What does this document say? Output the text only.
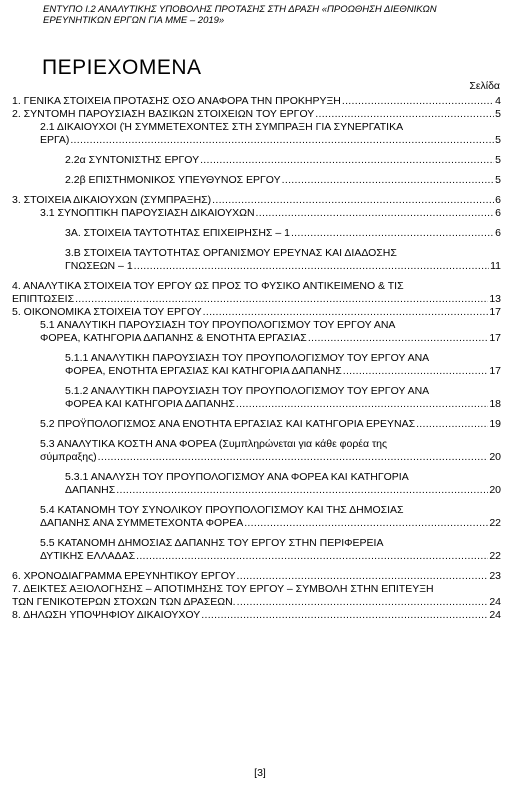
ΕΝΤΥΠΟ Ι.2 ΑΝΑΛΥΤΙΚΗΣ ΥΠΟΒΟΛΗΣ ΠΡΟΤΑΣΗΣ ΣΤΗ ΔΡΑΣΗ «ΠΡΟΩΘΗΣΗ ΔΙΕΘΝΙΚΩΝ
ΕΡΕΥΝΗΤΙΚΩΝ ΕΡΓΩΝ ΓΙΑ ΜΜΕ – 2019»
ΠΕΡΙΕΧΟΜΕΝΑ
Σελίδα
1. ΓΕΝΙΚΑ ΣΤΟΙΧΕΙΑ ΠΡΟΤΑΣΗΣ ΟΣΟ ΑΝΑΦΟΡΑ ΤΗΝ ΠΡΟΚΗΡΥΞΗ .....	4
2. ΣΥΝΤΟΜΗ ΠΑΡΟΥΣΙΑΣΗ ΒΑΣΙΚΩΝ ΣΤΟΙΧΕΙΩΝ ΤΟΥ ΕΡΓΟΥ .....	5
2.1 ΔΙΚΑΙΟΥΧΟΙ (Ή ΣΥΜΜΕΤΕΧΟΝΤΕΣ ΣΤΗ ΣΥΜΠΡΑΞΗ ΓΙΑ ΣΥΝΕΡΓΑΤΙΚΑ
ΕΡΓΑ) .....	5
2.2α ΣΥΝΤΟΝΙΣΤΗΣ ΕΡΓΟΥ .....	5
2.2β ΕΠΙΣΤΗΜΟΝΙΚΟΣ ΥΠΕΥΘΥΝΟΣ ΕΡΓΟΥ .....	5
3. ΣΤΟΙΧΕΙΑ ΔΙΚΑΙΟΥΧΩΝ (ΣΥΜΠΡΑΞΗΣ) .....	6
3.1 ΣΥΝΟΠΤΙΚΗ ΠΑΡΟΥΣΙΑΣΗ ΔΙΚΑΙΟΥΧΩΝ .....	6
3Α. ΣΤΟΙΧΕΙΑ ΤΑΥΤΟΤΗΤΑΣ ΕΠΙΧΕΙΡΗΣΗΣ – 1 .....	6
3.Β ΣΤΟΙΧΕΙΑ ΤΑΥΤΟΤΗΤΑΣ ΟΡΓΑΝΙΣΜΟΥ ΕΡΕΥΝΑΣ ΚΑΙ ΔΙΑΔΟΣΗΣ
ΓΝΩΣΕΩΝ – 1 .....	11
4. ΑΝΑΛΥΤΙΚΑ ΣΤΟΙΧΕΙΑ ΤΟΥ ΕΡΓΟΥ ΩΣ ΠΡΟΣ ΤΟ ΦΥΣΙΚΟ ΑΝΤΙΚΕΙΜΕΝΟ & ΤΙΣ
ΕΠΙΠΤΩΣΕΙΣ .....	13
5. ΟΙΚΟΝΟΜΙΚΑ ΣΤΟΙΧΕΙΑ ΤΟΥ ΕΡΓΟΥ .....	17
5.1 ΑΝΑΛΥΤΙΚΗ ΠΑΡΟΥΣΙΑΣΗ ΤΟΥ ΠΡΟΥΠΟΛΟΓΙΣΜΟΥ ΤΟΥ ΕΡΓΟΥ ΑΝΑ
ΦΟΡΕΑ, ΚΑΤΗΓΟΡΙΑ ΔΑΠΑΝΗΣ & ΕΝΟΤΗΤΑ ΕΡΓΑΣΙΑΣ .....	17
5.1.1 ΑΝΑΛΥΤΙΚΗ ΠΑΡΟΥΣΙΑΣΗ ΤΟΥ ΠΡΟΥΠΟΛΟΓΙΣΜΟΥ ΤΟΥ ΕΡΓΟΥ ΑΝΑ
ΦΟΡΕΑ, ΕΝΟΤΗΤΑ ΕΡΓΑΣΙΑΣ ΚΑΙ ΚΑΤΗΓΟΡΙΑ ΔΑΠΑΝΗΣ .....	17
5.1.2 ΑΝΑΛΥΤΙΚΗ ΠΑΡΟΥΣΙΑΣΗ ΤΟΥ ΠΡΟΥΠΟΛΟΓΙΣΜΟΥ ΤΟΥ ΕΡΓΟΥ ΑΝΑ
ΦΟΡΕΑ ΚΑΙ ΚΑΤΗΓΟΡΙΑ ΔΑΠΑΝΗΣ .....	18
5.2 ΠΡΟΫΠΟΛΟΓΙΣΜΟΣ ΑΝΑ ΕΝΟΤΗΤΑ ΕΡΓΑΣΙΑΣ ΚΑΙ ΚΑΤΗΓΟΡΙΑ ΕΡΕΥΝΑΣ .....	19
5.3 ΑΝΑΛΥΤΙΚΑ ΚΟΣΤΗ ΑΝΑ ΦΟΡΕΑ (Συμπληρώνεται για κάθε φορέα της
σύμπραξης) .....	20
5.3.1 ΑΝΑΛΥΣΗ ΤΟΥ ΠΡΟΥΠΟΛΟΓΙΣΜΟΥ ΑΝΑ ΦΟΡΕΑ ΚΑΙ ΚΑΤΗΓΟΡΙΑ
ΔΑΠΑΝΗΣ .....	20
5.4 ΚΑΤΑΝΟΜΗ ΤΟΥ ΣΥΝΟΛΙΚΟΥ ΠΡΟΥΠΟΛΟΓΙΣΜΟΥ ΚΑΙ ΤΗΣ ΔΗΜΟΣΙΑΣ
ΔΑΠΑΝΗΣ ΑΝΑ ΣΥΜΜΕΤΕΧΟΝΤΑ ΦΟΡΕΑ .....	22
5.5 ΚΑΤΑΝΟΜΗ ΔΗΜΟΣΙΑΣ ΔΑΠΑΝΗΣ ΤΟΥ ΕΡΓΟΥ ΣΤΗΝ ΠΕΡΙΦΕΡΕΙΑ
ΔΥΤΙΚΗΣ ΕΛΛΑΔΑΣ .....	22
6. ΧΡΟΝΟΔΙΑΓΡΑΜΜΑ ΕΡΕΥΝΗΤΙΚΟΥ ΕΡΓΟΥ .....	23
7. ΔΕΙΚΤΕΣ ΑΞΙΟΛΟΓΗΣΗΣ – ΑΠΟΤΙΜΗΣΗΣ ΤΟΥ ΕΡΓΟΥ – ΣΥΜΒΟΛΗ ΣΤΗΝ ΕΠΙΤΕΥΞΗ
ΤΩΝ ΓΕΝΙΚΟΤΕΡΩΝ ΣΤΟΧΩΝ ΤΩΝ ΔΡΑΣΕΩΝ. .....	24
8. ΔΗΛΩΣΗ ΥΠΟΨΗΦΙΟΥ ΔΙΚΑΙΟΥΧΟΥ .....	24
[3]
